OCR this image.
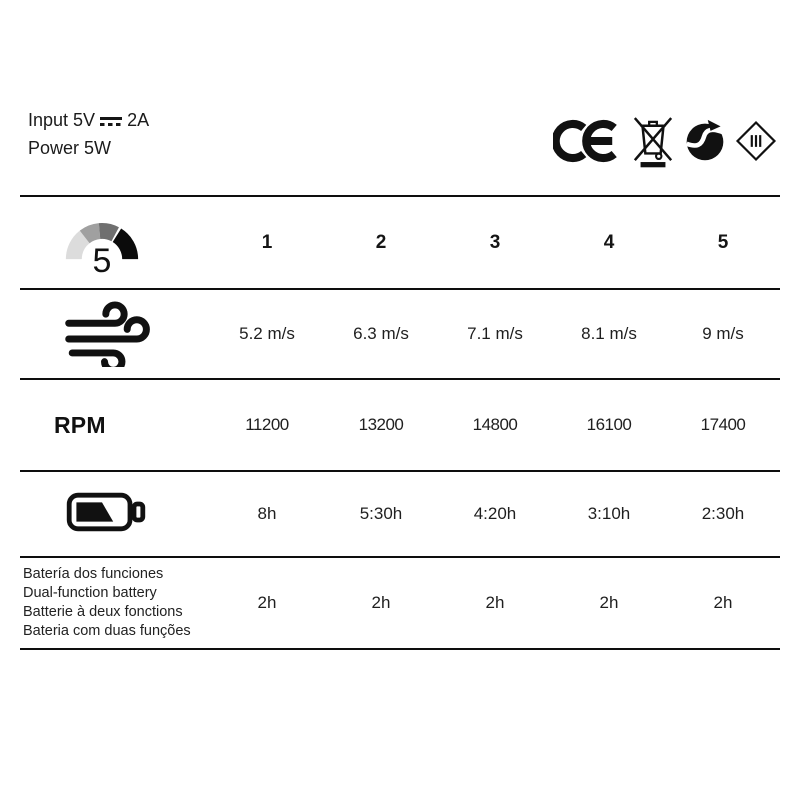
Input 5V 2A
Power 5W
5	1	2	3	4	5
5.2 m/s	6.3 m/s	7.1 m/s	8.1 m/s	9 m/s
RPM	11200	13200	14800	16100	17400
8h	5:30h	4:20h	3:10h	2:30h
Batería dos funciones
Dual-function battery
Batterie à deux fonctions
Bateria com duas funções
2h	2h	2h	2h	2h
